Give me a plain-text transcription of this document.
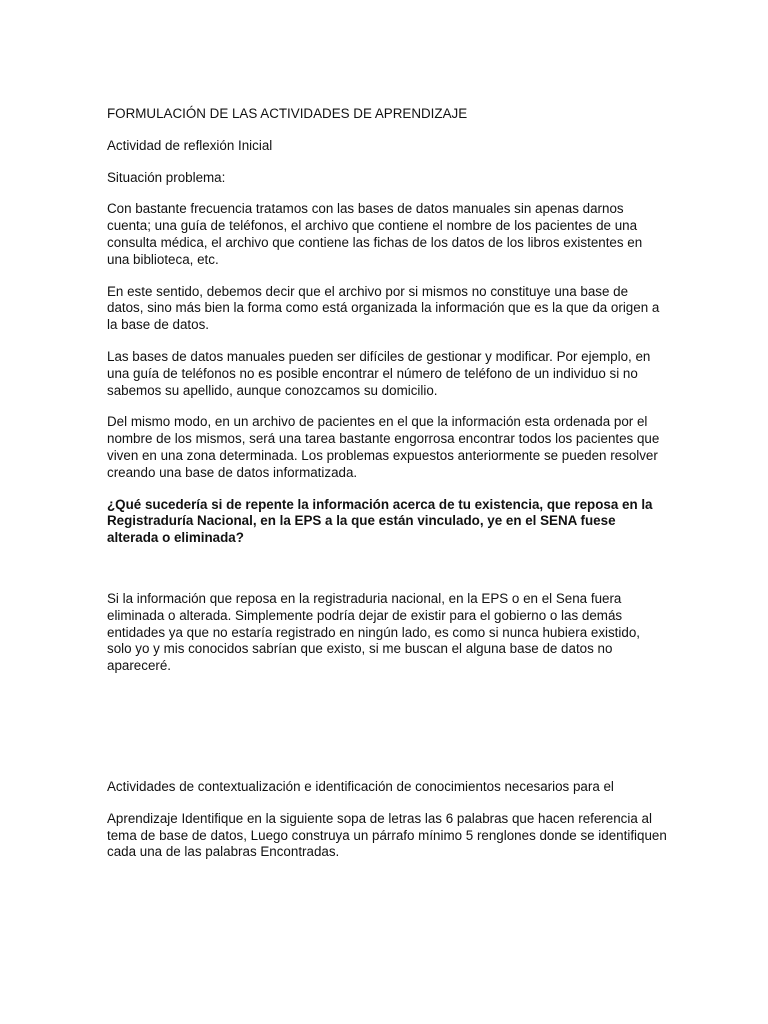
FORMULACIÓN DE LAS ACTIVIDADES DE APRENDIZAJE

Actividad de reflexión Inicial

Situación problema:

Con bastante frecuencia tratamos con las bases de datos manuales sin apenas darnos cuenta; una guía de teléfonos, el archivo que contiene el nombre de los pacientes de una consulta médica, el archivo que contiene las fichas de los datos de los libros existentes en una biblioteca, etc.

En este sentido, debemos decir que el archivo por si mismos no constituye una base de datos, sino más bien la forma como está organizada la información que es la que da origen a la base de datos.

Las bases de datos manuales pueden ser difíciles de gestionar y modificar. Por ejemplo, en una guía de teléfonos no es posible encontrar el número de teléfono de un individuo si no sabemos su apellido, aunque conozcamos su domicilio.

Del mismo modo, en un archivo de pacientes en el que la información esta ordenada por el nombre de los mismos, será una tarea bastante engorrosa encontrar todos los pacientes que viven en una zona determinada. Los problemas expuestos anteriormente se pueden resolver creando una base de datos informatizada.

¿Qué sucedería si de repente la información acerca de tu existencia, que reposa en la Registraduría Nacional, en la EPS a la que están vinculado, ye en el SENA fuese alterada o eliminada?

Si la información que reposa en la registraduria nacional, en la EPS o en el Sena fuera eliminada o alterada. Simplemente podría dejar de existir para el gobierno o las demás entidades ya que no estaría registrado en ningún lado, es como si nunca hubiera existido, solo yo y mis conocidos sabrían que existo, si me buscan el alguna base de datos no apareceré.

Actividades de contextualización e identificación de conocimientos necesarios para el

Aprendizaje Identifique en la siguiente sopa de letras las 6 palabras que hacen referencia al tema de base de datos, Luego construya un párrafo mínimo 5 renglones donde se identifiquen cada una de las palabras Encontradas.
